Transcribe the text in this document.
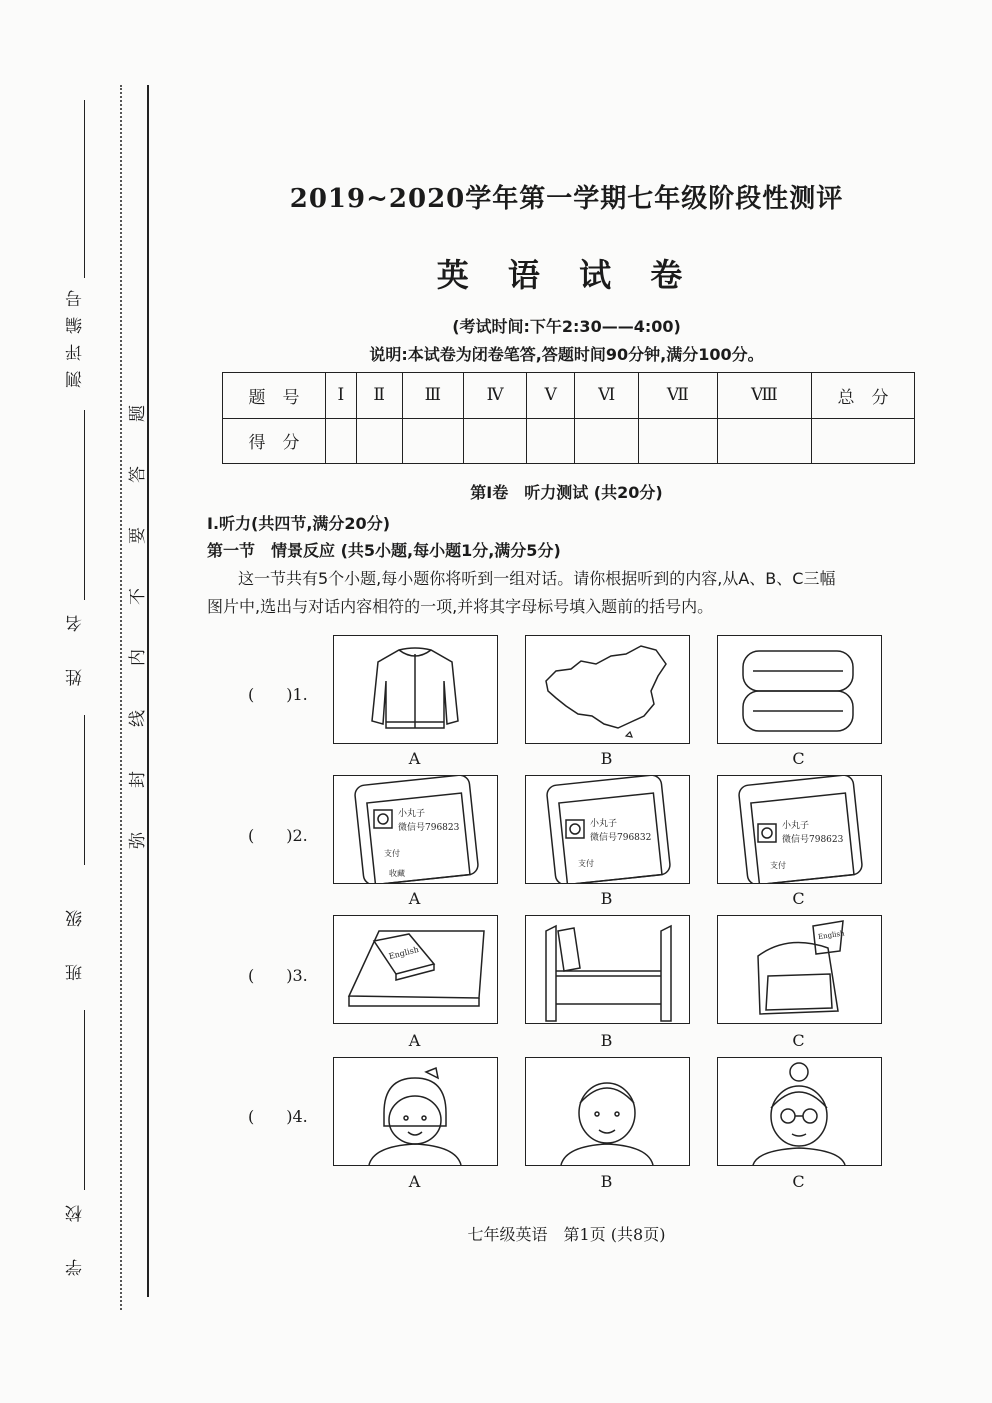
测评编号
姓　名
班　级
学　校
题
答
要
不
内
线
封
弥
2019~2020学年第一学期七年级阶段性测评
英 语 试 卷
(考试时间:下午2:30——4:00)
说明:本试卷为闭卷笔答,答题时间90分钟,满分100分。
题　号	Ⅰ	Ⅱ	Ⅲ	Ⅳ	Ⅴ	Ⅵ	Ⅶ	Ⅷ	总　分
得　分									
第Ⅰ卷　听力测试 (共20分)
Ⅰ.听力(共四节,满分20分)
第一节　情景反应 (共5小题,每小题1分,满分5分)
这一节共有5个小题,每小题你将听到一组对话。请你根据听到的内容,从A、B、C三幅
图片中,选出与对话内容相符的一项,并将其字母标号填入题前的括号内。
(　　)1.
A	B	C
(　　)2.
小丸子
微信号796823
支付
收藏
小丸子
微信号796832
支付
小丸子
微信号798623
支付
A	B	C
(　　)3.
English
English
A	B	C
(　　)4.
A	B	C
七年级英语　第1页 (共8页)
